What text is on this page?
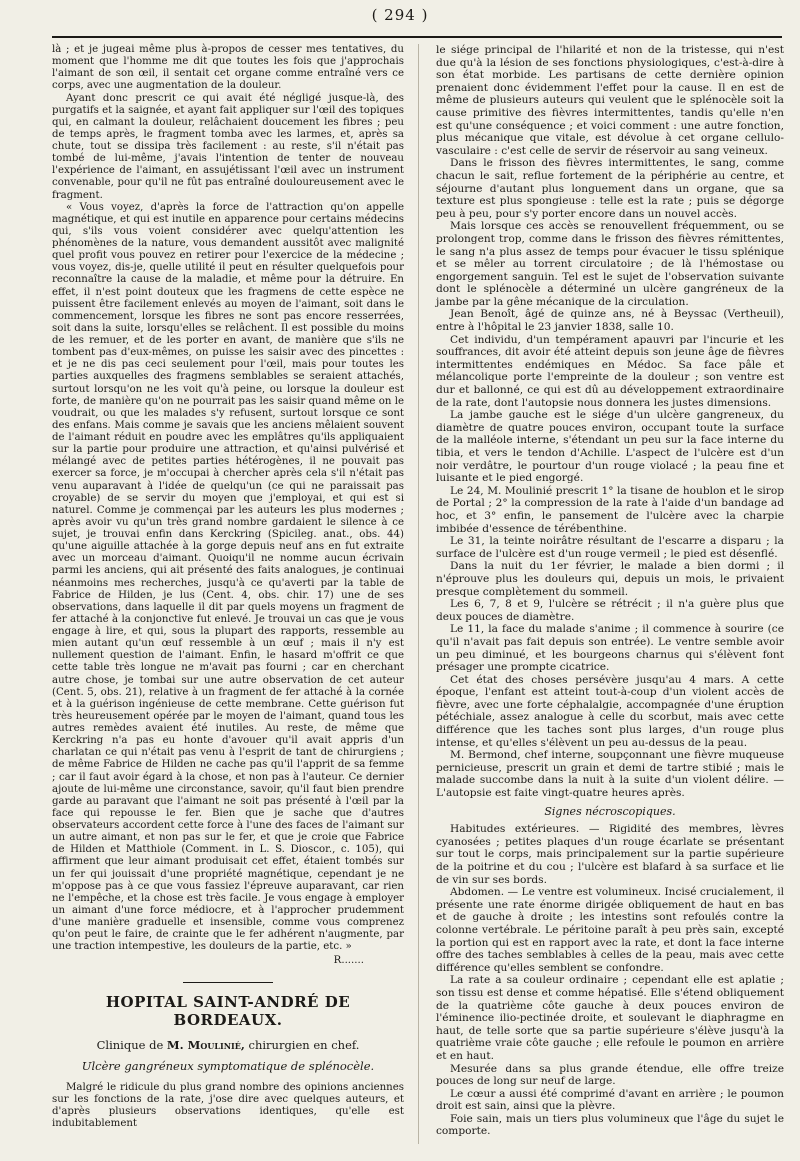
( 294 )

là ; et je jugeai même plus à-propos de cesser mes tentatives, du moment que l'homme me dit que toutes les fois que j'approchais l'aimant de son œil, il sentait cet organe comme entraîné vers ce corps, avec une augmentation de la douleur.

Ayant donc prescrit ce qui avait été négligé jusque-là, des purgatifs et la saignée, et ayant fait appliquer sur l'œil des topiques qui, en calmant la douleur, relâchaient doucement les fibres ; peu de temps après, le fragment tomba avec les larmes, et, après sa chute, tout se dissipa très facilement : au reste, s'il n'était pas tombé de lui-même, j'avais l'intention de tenter de nouveau l'expérience de l'aimant, en assujétissant l'œil avec un instrument convenable, pour qu'il ne fût pas entraîné douloureusement avec le fragment.

« Vous voyez, d'après la force de l'attraction qu'on appelle magnétique, et qui est inutile en apparence pour certains médecins qui, s'ils vous voient considérer avec quelqu'attention les phénomènes de la nature, vous demandent aussitôt avec malignité quel profit vous pouvez en retirer pour l'exercice de la médecine ; vous voyez, dis-je, quelle utilité il peut en résulter quelquefois pour reconnaître la cause de la maladie, et même pour la détruire. En effet, il n'est point douteux que les fragmens de cette espèce ne puissent être facilement enlevés au moyen de l'aimant, soit dans le commencement, lorsque les fibres ne sont pas encore resserrées, soit dans la suite, lorsqu'elles se relâchent. Il est possible du moins de les remuer, et de les porter en avant, de manière que s'ils ne tombent pas d'eux-mêmes, on puisse les saisir avec des pincettes : et je ne dis pas ceci seulement pour l'œil, mais pour toutes les parties auxquelles des fragmens semblables se seraient attachés, surtout lorsqu'on ne les voit qu'à peine, ou lorsque la douleur est forte, de manière qu'on ne pourrait pas les saisir quand même on le voudrait, ou que les malades s'y refusent, surtout lorsque ce sont des enfans. Mais comme je savais que les anciens mêlaient souvent de l'aimant réduit en poudre avec les emplâtres qu'ils appliquaient sur la partie pour produire une attraction, et qu'ainsi pulvérisé et mélangé avec de petites parties hétérogènes, il ne pouvait pas exercer sa force, je m'occupai à chercher après cela s'il n'était pas venu auparavant à l'idée de quelqu'un (ce qui ne paraissait pas croyable) de se servir du moyen que j'employai, et qui est si naturel. Comme je commençai par les auteurs les plus modernes ; après avoir vu qu'un très grand nombre gardaient le silence à ce sujet, je trouvai enfin dans Kerckring (Spicileg. anat., obs. 44) qu'une aiguille attachée à la gorge depuis neuf ans en fut extraite avec un morceau d'aimant. Quoiqu'il ne nomme aucun écrivain parmi les anciens, qui ait présenté des faits analogues, je continuai néanmoins mes recherches, jusqu'à ce qu'averti par la table de Fabrice de Hilden, je lus (Cent. 4, obs. chir. 17) une de ses observations, dans laquelle il dit par quels moyens un fragment de fer attaché à la conjonctive fut enlevé. Je trouvai un cas que je vous engage à lire, et qui, sous la plupart des rapports, ressemble au mien autant qu'un œuf ressemble à un œuf ; mais il n'y est nullement question de l'aimant. Enfin, le hasard m'offrit ce que cette table très longue ne m'avait pas fourni ; car en cherchant autre chose, je tombai sur une autre observation de cet auteur (Cent. 5, obs. 21), relative à un fragment de fer attaché à la cornée et à la guérison ingénieuse de cette membrane. Cette guérison fut très heureusement opérée par le moyen de l'aimant, quand tous les autres remèdes avaient été inutiles. Au reste, de même que Kerckring n'a pas eu honte d'avouer qu'il avait appris d'un charlatan ce qui n'était pas venu à l'esprit de tant de chirurgiens ; de même Fabrice de Hilden ne cache pas qu'il l'apprit de sa femme ; car il faut avoir égard à la chose, et non pas à l'auteur. Ce dernier ajoute de lui-même une circonstance, savoir, qu'il faut bien prendre garde au paravant que l'aimant ne soit pas présenté à l'œil par la face qui repousse le fer. Bien que je sache que d'autres observateurs accordent cette force à l'une des faces de l'aimant sur un autre aimant, et non pas sur le fer, et que je croie que Fabrice de Hilden et Matthiole (Comment. in L. S. Dioscor., c. 105), qui affirment que leur aimant produisait cet effet, étaient tombés sur un fer qui jouissait d'une propriété magnétique, cependant je ne m'oppose pas à ce que vous fassiez l'épreuve auparavant, car rien ne l'empêche, et la chose est très facile. Je vous engage à employer un aimant d'une force médiocre, et à l'approcher prudemment d'une manière graduelle et insensible, comme vous comprenez qu'on peut le faire, de crainte que le fer adhérent n'augmente, par une traction intempestive, les douleurs de la partie, etc. »

R.......

HOPITAL SAINT-ANDRÉ DE BORDEAUX.
Clinique de M. Moulinié, chirurgien en chef.
Ulcère gangréneux symptomatique de splénocèle.

Malgré le ridicule du plus grand nombre des opinions anciennes sur les fonctions de la rate, j'ose dire avec quelques auteurs, et d'après plusieurs observations identiques, qu'elle est indubitablement

le siége principal de l'hilarité et non de la tristesse, qui n'est due qu'à la lésion de ses fonctions physiologiques, c'est-à-dire à son état morbide. Les partisans de cette dernière opinion prenaient donc évidemment l'effet pour la cause. Il en est de même de plusieurs auteurs qui veulent que le splénocèle soit la cause primitive des fièvres intermittentes, tandis qu'elle n'en est qu'une conséquence ; et voici comment : une autre fonction, plus mécanique que vitale, est dévolue à cet organe cellulo-vasculaire : c'est celle de servir de réservoir au sang veineux.

Dans le frisson des fièvres intermittentes, le sang, comme chacun le sait, reflue fortement de la périphérie au centre, et séjourne d'autant plus longuement dans un organe, que sa texture est plus spongieuse : telle est la rate ; puis se dégorge peu à peu, pour s'y porter encore dans un nouvel accès.

Mais lorsque ces accès se renouvellent fréquemment, ou se prolongent trop, comme dans le frisson des fièvres rémittentes, le sang n'a plus assez de temps pour évacuer le tissu splénique et se mêler au torrent circulatoire ; de là l'hémostase ou engorgement sanguin. Tel est le sujet de l'observation suivante dont le splénocèle a déterminé un ulcère gangréneux de la jambe par la gêne mécanique de la circulation.

Jean Benoît, âgé de quinze ans, né à Beyssac (Vertheuil), entre à l'hôpital le 23 janvier 1838, salle 10.

Cet individu, d'un tempérament apauvri par l'incurie et les souffrances, dit avoir été atteint depuis son jeune âge de fièvres intermittentes endémiques en Médoc. Sa face pâle et mélancolique porte l'empreinte de la douleur ; son ventre est dur et ballonné, ce qui est dû au développement extraordinaire de la rate, dont l'autopsie nous donnera les justes dimensions.

La jambe gauche est le siége d'un ulcère gangreneux, du diamètre de quatre pouces environ, occupant toute la surface de la malléole interne, s'étendant un peu sur la face interne du tibia, et vers le tendon d'Achille. L'aspect de l'ulcère est d'un noir verdâtre, le pourtour d'un rouge violacé ; la peau fine et luisante et le pied engorgé.

Le 24, M. Moulinié prescrit 1° la tisane de houblon et le sirop de Portal ; 2° la compression de la rate à l'aide d'un bandage ad hoc, et 3° enfin, le pansement de l'ulcère avec la charpie imbibée d'essence de térébenthine.

Le 31, la teinte noirâtre résultant de l'escarre a disparu ; la surface de l'ulcère est d'un rouge vermeil ; le pied est désenflé.

Dans la nuit du 1er février, le malade a bien dormi ; il n'éprouve plus les douleurs qui, depuis un mois, le privaient presque complètement du sommeil.

Les 6, 7, 8 et 9, l'ulcère se rétrécit ; il n'a guère plus que deux pouces de diamètre.

Le 11, la face du malade s'anime ; il commence à sourire (ce qu'il n'avait pas fait depuis son entrée). Le ventre semble avoir un peu diminué, et les bourgeons charnus qui s'élèvent font présager une prompte cicatrice.

Cet état des choses persévère jusqu'au 4 mars. A cette époque, l'enfant est atteint tout-à-coup d'un violent accès de fièvre, avec une forte céphalalgie, accompagnée d'une éruption pétéchiale, assez analogue à celle du scorbut, mais avec cette différence que les taches sont plus larges, d'un rouge plus intense, et qu'elles s'élèvent un peu au-dessus de la peau.

M. Bermond, chef interne, soupçonnant une fièvre muqueuse pernicieuse, prescrit un grain et demi de tartre stibié ; mais le malade succombe dans la nuit à la suite d'un violent délire. — L'autopsie est faite vingt-quatre heures après.

Signes nécroscopiques.

Habitudes extérieures. — Rigidité des membres, lèvres cyanosées ; petites plaques d'un rouge écarlate se présentant sur tout le corps, mais principalement sur la partie supérieure de la poitrine et du cou ; l'ulcère est blafard à sa surface et lie de vin sur ses bords.

Abdomen. — Le ventre est volumineux. Incisé crucialement, il présente une rate énorme dirigée obliquement de haut en bas et de gauche à droite ; les intestins sont refoulés contre la colonne vertébrale. Le péritoine paraît à peu près sain, excepté la portion qui est en rapport avec la rate, et dont la face interne offre des taches semblables à celles de la peau, mais avec cette différence qu'elles semblent se confondre.

La rate a sa couleur ordinaire ; cependant elle est aplatie ; son tissu est dense et comme hépatisé. Elle s'étend obliquement de la quatrième côte gauche à deux pouces environ de l'éminence ilio-pectinée droite, et soulevant le diaphragme en haut, de telle sorte que sa partie supérieure s'élève jusqu'à la quatrième vraie côte gauche ; elle refoule le poumon en arrière et en haut.

Mesurée dans sa plus grande étendue, elle offre treize pouces de long sur neuf de large.

Le cœur a aussi été comprimé d'avant en arrière ; le poumon droit est sain, ainsi que la plèvre.

Foie sain, mais un tiers plus volumineux que l'âge du sujet le comporte.
